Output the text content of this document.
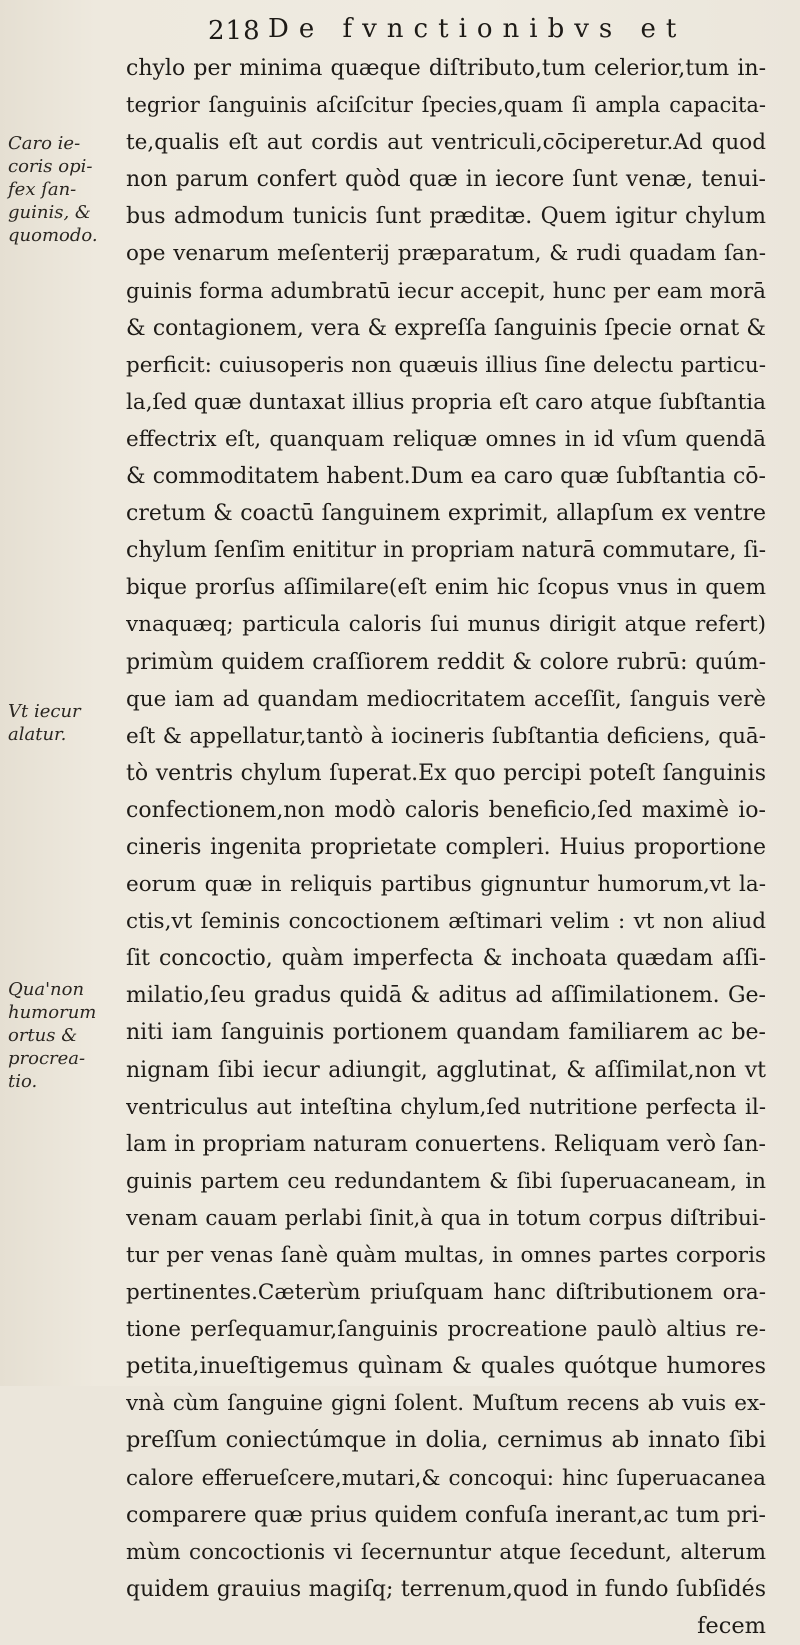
218 De fvnctionibvs et
Caro ie-
coris opi-
fex ſan-
guinis, &
quomodo.
Vt iecur
alatur.
Qua'non
humorum
ortus &
procrea-
tio.
chylo per minima quæque diſtributo,tum celerior,tum in-
tegrior ſanguinis aſciſcitur ſpecies,quam ſi ampla capacita-
te,qualis eſt aut cordis aut ventriculi,cōciperetur.Ad quod
non parum confert quòd quæ in iecore ſunt venæ, tenui-
bus admodum tunicis ſunt præditæ. Quem igitur chylum
ope venarum meſenterij præparatum, & rudi quadam ſan-
guinis forma adumbratū iecur accepit, hunc per eam morā
& contagionem, vera & expreſſa ſanguinis ſpecie ornat &
perficit: cuiusoperis non quæuis illius ſine delectu particu-
la,ſed quæ duntaxat illius propria eſt caro atque ſubſtantia
effectrix eſt, quanquam reliquæ omnes in id vſum quendā
& commoditatem habent.Dum ea caro quæ ſubſtantia cō-
cretum & coactū ſanguinem exprimit, allapſum ex ventre
chylum ſenſim enititur in propriam naturā commutare, ſi-
bique prorſus aſſimilare(eſt enim hic ſcopus vnus in quem
vnaquæq; particula caloris ſui munus dirigit atque refert)
primùm quidem craſſiorem reddit & colore rubrū: quúm-
que iam ad quandam mediocritatem acceſſit, ſanguis verè
eſt & appellatur,tantò à iocineris ſubſtantia deficiens, quā-
tò ventris chylum ſuperat.Ex quo percipi poteſt ſanguinis
confectionem,non modò caloris beneficio,ſed maximè io-
cineris ingenita proprietate compleri. Huius proportione
eorum quæ in reliquis partibus gignuntur humorum,vt la-
ctis,vt ſeminis concoctionem æſtimari velim : vt non aliud
ſit concoctio, quàm imperfecta & inchoata quædam aſſi-
milatio,ſeu gradus quidā & aditus ad aſſimilationem. Ge-
niti iam ſanguinis portionem quandam familiarem ac be-
nignam ſibi iecur adiungit, agglutinat, & aſſimilat,non vt
ventriculus aut inteſtina chylum,ſed nutritione perfecta il-
lam in propriam naturam conuertens. Reliquam verò ſan-
guinis partem ceu redundantem & ſibi ſuperuacaneam, in
venam cauam perlabi ſinit,à qua in totum corpus diſtribui-
tur per venas ſanè quàm multas, in omnes partes corporis
pertinentes.Cæterùm priuſquam hanc diſtributionem ora-
tione perſequamur,ſanguinis procreatione paulò altius re-
petita,inueſtigemus quìnam & quales quótque humores
vnà cùm ſanguine gigni ſolent. Muſtum recens ab vuis ex-
preſſum coniectúmque in dolia, cernimus ab innato ſibi
calore efferueſcere,mutari,& concoqui: hinc ſuperuacanea
comparere quæ prius quidem confuſa inerant,ac tum pri-
mùm concoctionis vi ſecernuntur atque ſecedunt, alterum
quidem grauius magiſq; terrenum,quod in fundo ſubſidés
fecem
